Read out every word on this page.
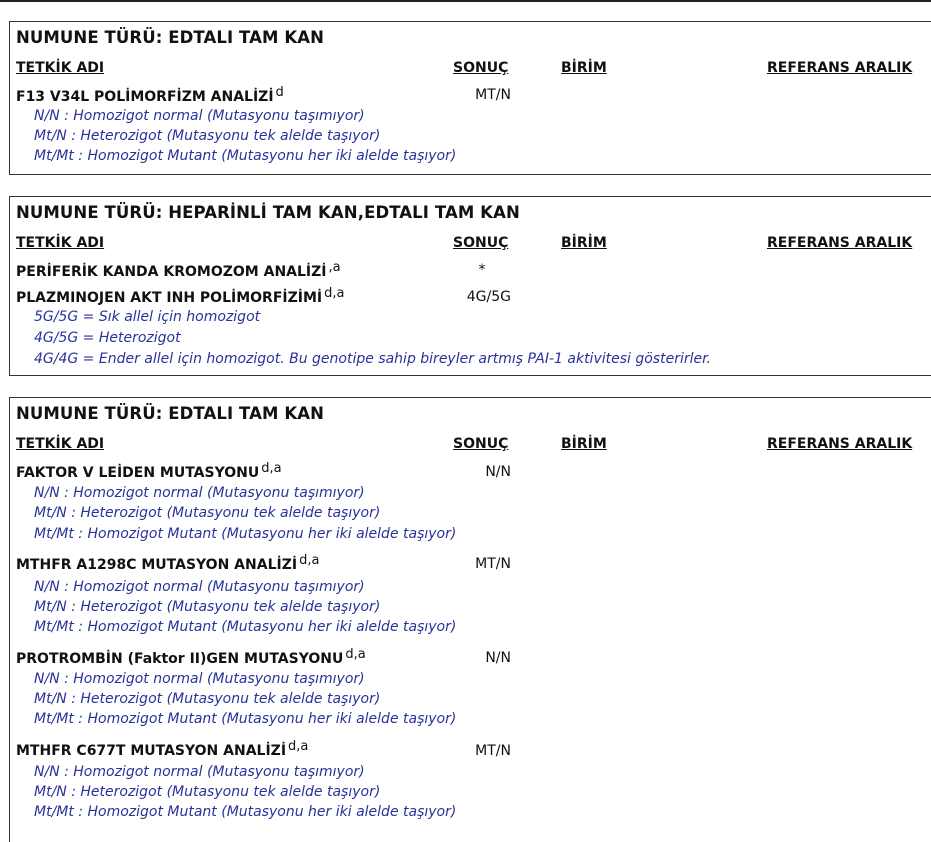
NUMUNE TÜRÜ: EDTALI TAM KAN
TETKİK ADI	SONUÇ	BİRİM	REFERANS ARALIK
F13 V34L POLİMORFİZM ANALİZİ $^d$	MT/N
N/N : Homozigot normal (Mutasyonu taşımıyor)
Mt/N : Heterozigot (Mutasyonu tek alelde taşıyor)
Mt/Mt : Homozigot Mutant (Mutasyonu her iki alelde taşıyor)
NUMUNE TÜRÜ: HEPARİNLİ TAM KAN,EDTALI TAM KAN
TETKİK ADI	SONUÇ	BİRİM	REFERANS ARALIK
PERİFERİK KANDA KROMOZOM ANALİZİ $^{,a}$	*
PLAZMINOJEN AKT INH POLİMORFİZİMİ $^{d,a}$	4G/5G
5G/5G = Sık allel için homozigot
4G/5G = Heterozigot
4G/4G = Ender allel için homozigot. Bu genotipe sahip bireyler artmış PAI-1 aktivitesi gösterirler.
NUMUNE TÜRÜ: EDTALI TAM KAN
TETKİK ADI	SONUÇ	BİRİM	REFERANS ARALIK
FAKTOR V LEİDEN MUTASYONU $^{d,a}$	N/N
N/N : Homozigot normal (Mutasyonu taşımıyor)
Mt/N : Heterozigot (Mutasyonu tek alelde taşıyor)
Mt/Mt : Homozigot Mutant (Mutasyonu her iki alelde taşıyor)
MTHFR A1298C MUTASYON ANALİZİ $^{d,a}$	MT/N
N/N : Homozigot normal (Mutasyonu taşımıyor)
Mt/N : Heterozigot (Mutasyonu tek alelde taşıyor)
Mt/Mt : Homozigot Mutant (Mutasyonu her iki alelde taşıyor)
PROTROMBİN (Faktor II)GEN MUTASYONU $^{d,a}$	N/N
N/N : Homozigot normal (Mutasyonu taşımıyor)
Mt/N : Heterozigot (Mutasyonu tek alelde taşıyor)
Mt/Mt : Homozigot Mutant (Mutasyonu her iki alelde taşıyor)
MTHFR C677T MUTASYON ANALİZİ $^{d,a}$	MT/N
N/N : Homozigot normal (Mutasyonu taşımıyor)
Mt/N : Heterozigot (Mutasyonu tek alelde taşıyor)
Mt/Mt : Homozigot Mutant (Mutasyonu her iki alelde taşıyor)
